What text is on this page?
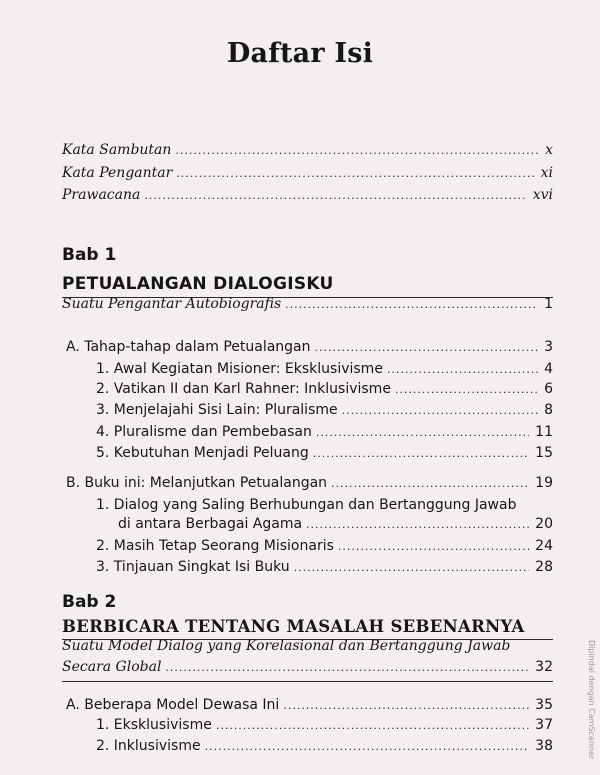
Daftar Isi
Kata Sambutan .....	x
Kata Pengantar .....	xi
Prawacana .....	xvi
Bab 1
PETUALANGAN DIALOGISKU
Suatu Pengantar Autobiografis .....	1
A. Tahap-tahap dalam Petualangan .....	3
1. Awal Kegiatan Misioner: Eksklusivisme .....	4
2. Vatikan II dan Karl Rahner: Inklusivisme .....	6
3. Menjelajahi Sisi Lain: Pluralisme .....	8
4. Pluralisme dan Pembebasan .....	11
5. Kebutuhan Menjadi Peluang .....	15
B. Buku ini: Melanjutkan Petualangan .....	19
1. Dialog yang Saling Berhubungan dan Bertanggung Jawab
di antara Berbagai Agama .....	20
2. Masih Tetap Seorang Misionaris .....	24
3. Tinjauan Singkat Isi Buku .....	28
Bab 2
BERBICARA TENTANG MASALAH SEBENARNYA
Suatu Model Dialog yang Korelasional dan Bertanggung Jawab
Secara Global .....	32
A. Beberapa Model Dewasa Ini .....	35
1. Eksklusivisme .....	37
2. Inklusivisme .....	38	Dipindai dengan CamScanner
